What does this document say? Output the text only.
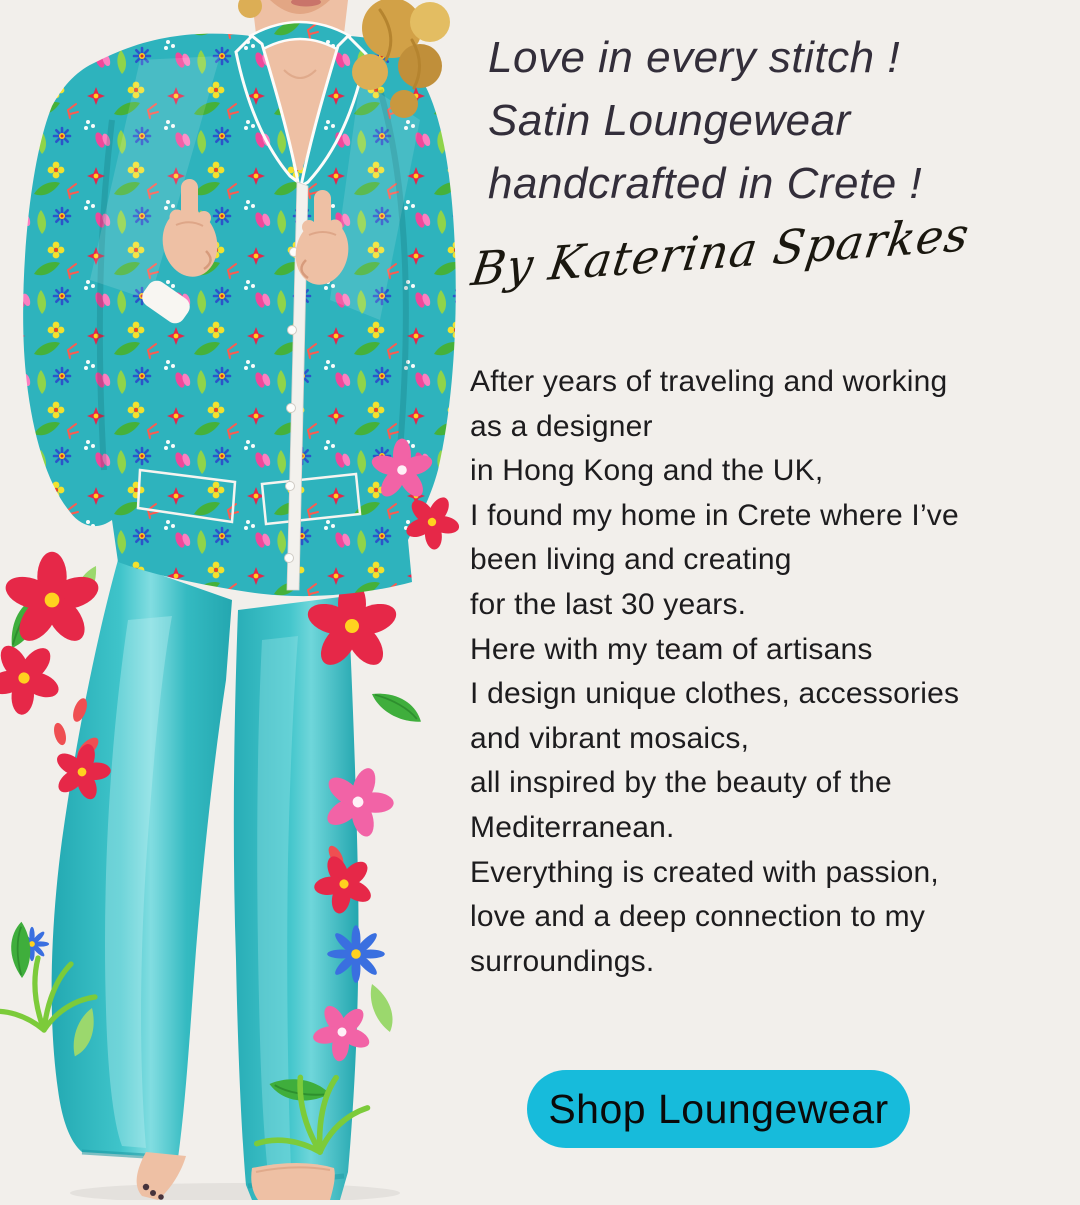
Love in every stitch !
Satin Loungewear
handcrafted in Crete !
By Katerina Sparkes
After years of traveling and working
as a designer
in Hong Kong and the UK,
I found my home in Crete where I’ve
been living and creating
for the last 30 years.
Here with my team of artisans
I design unique clothes, accessories
and vibrant mosaics,
all inspired by the beauty of the
Mediterranean.
Everything is created with passion,
love and a deep connection to my
surroundings.
Shop Loungewear
